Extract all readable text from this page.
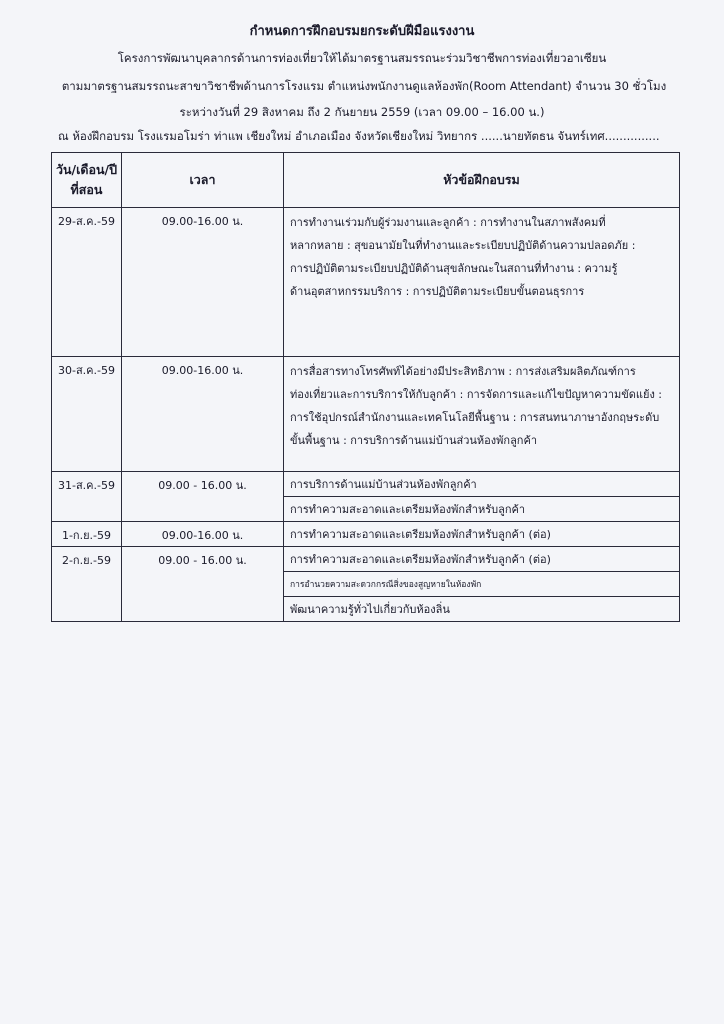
กำหนดการฝึกอบรมยกระดับฝีมือแรงงาน
โครงการพัฒนาบุคลากรด้านการท่องเที่ยวให้ได้มาตรฐานสมรรถนะร่วมวิชาชีพการท่องเที่ยวอาเซียน
ตามมาตรฐานสมรรถนะสาขาวิชาชีพด้านการโรงแรม ตำแหน่งพนักงานดูแลห้องพัก(Room Attendant) จำนวน 30 ชั่วโมง
ระหว่างวันที่ 29 สิงหาคม ถึง 2 กันยายน 2559 (เวลา 09.00 – 16.00 น.)
ณ ห้องฝึกอบรม โรงแรมอโมร่า ท่าแพ เชียงใหม่ อำเภอเมือง จังหวัดเชียงใหม่ วิทยากร ......นายทัตธน จันทร์เทศ...............
วัน/เดือน/ปี
ที่สอน	เวลา	หัวข้อฝึกอบรม
29-ส.ค.-59	09.00-16.00 น.	การทำงานเร่วมกับผู้ร่วมงานและลูกค้า : การทำงานในสภาพสังคมที่
หลากหลาย : สุขอนามัยในที่ทำงานและระเบียบปฏิบัติด้านความปลอดภัย :
การปฏิบัติตามระเบียบปฏิบัติด้านสุขลักษณะในสถานที่ทำงาน : ความรู้
ด้านอุตสาหกรรมบริการ : การปฏิบัติตามระเบียบขั้นตอนธุรการ

30-ส.ค.-59	09.00-16.00 น.	การสื่อสารทางโทรศัพท์ได้อย่างมีประสิทธิภาพ : การส่งเสริมผลิตภัณฑ์การ
ท่องเที่ยวและการบริการให้กับลูกค้า : การจัดการและแก้ไขปัญหาความขัดแย้ง :
การใช้อุปกรณ์สำนักงานและเทคโนโลยีพื้นฐาน : การสนทนาภาษาอังกฤษระดับ
ขั้นพื้นฐาน : การบริการด้านแม่บ้านส่วนห้องพักลูกค้า

31-ส.ค.-59	09.00 - 16.00 น.	การบริการด้านแม่บ้านส่วนห้องพักลูกค้า
		การทำความสะอาดและเตรียมห้องพักสำหรับลูกค้า
1-ก.ย.-59	09.00-16.00 น.	การทำความสะอาดและเตรียมห้องพักสำหรับลูกค้า (ต่อ)
2-ก.ย.-59	09.00 - 16.00 น.	การทำความสะอาดและเตรียมห้องพักสำหรับลูกค้า (ต่อ)
		การอำนวยความสะดวกกรณีสิ่งของสูญหายในห้องพัก
		พัฒนาความรู้ทั่วไปเกี่ยวกับห้องลิ่น
